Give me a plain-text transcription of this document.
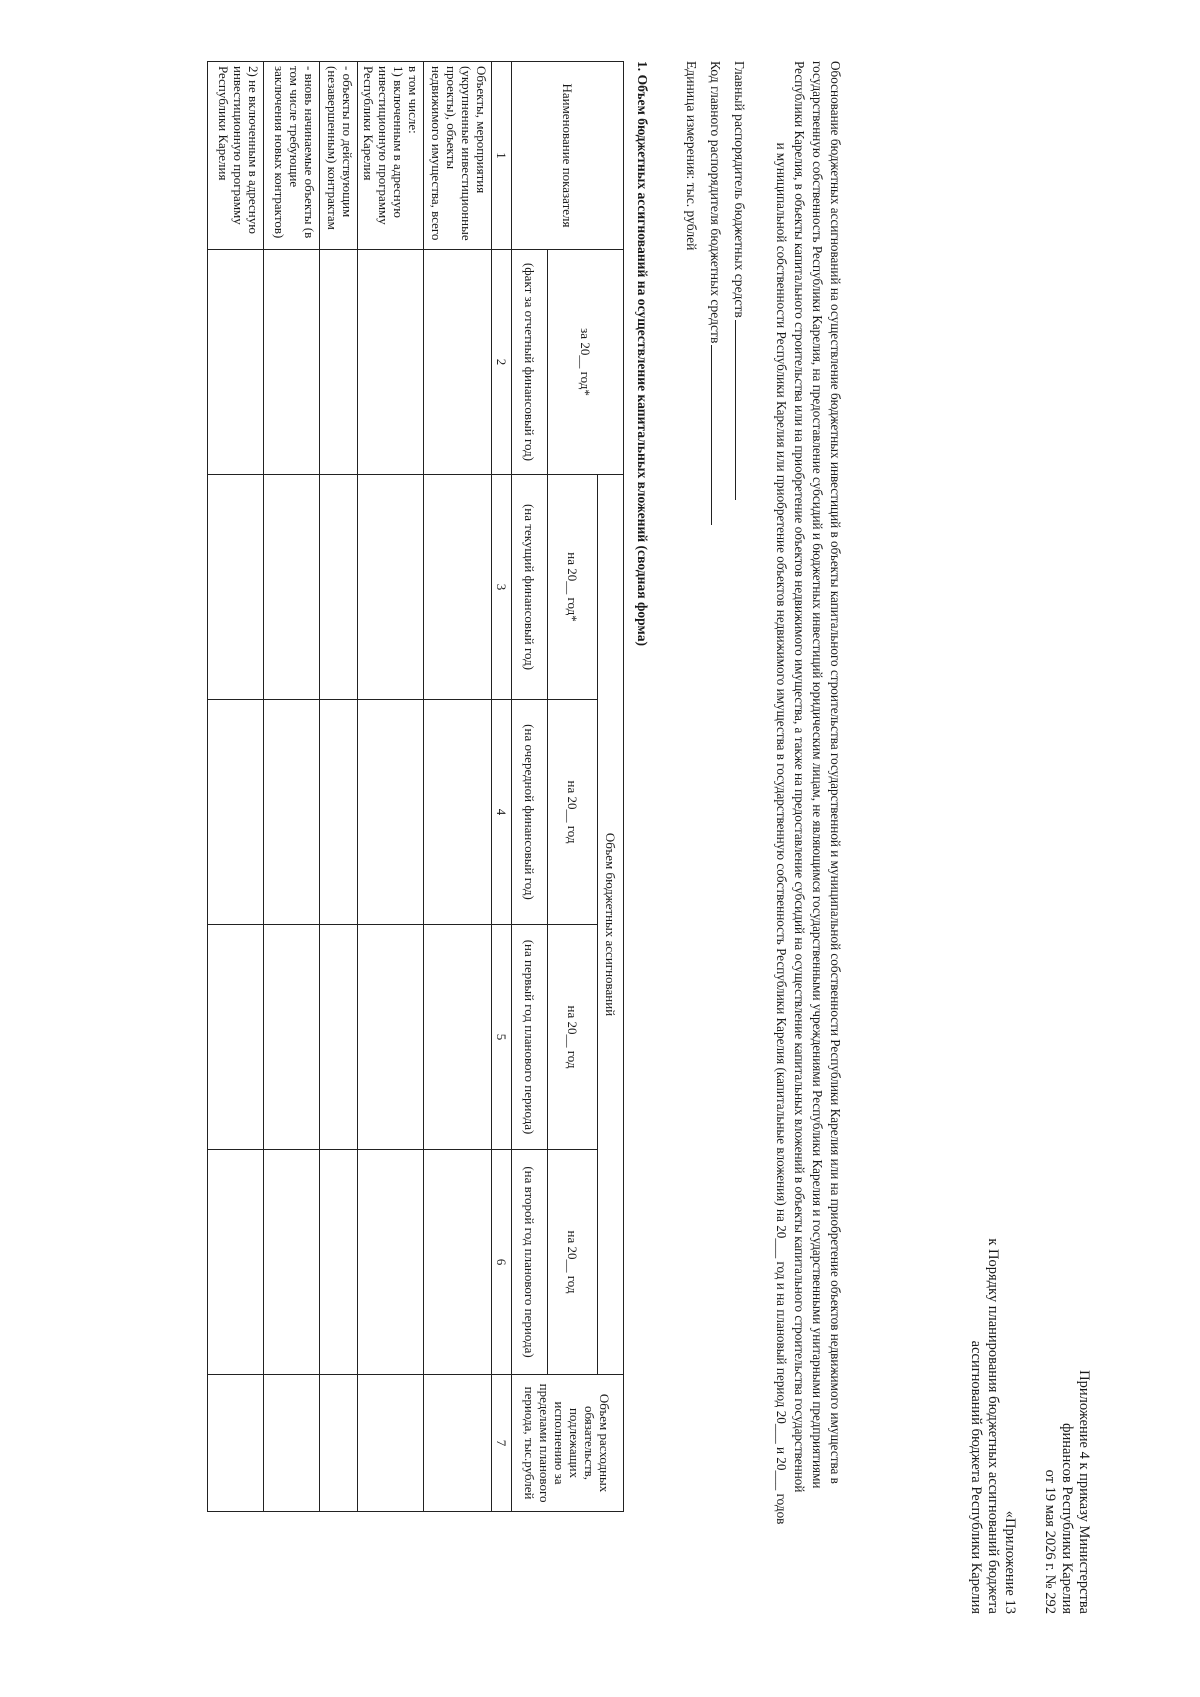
Приложение 4 к приказу Министерства
финансов Республики Карелия
от 19 мая 2026 г. № 292
«Приложение 13
к Порядку планирования бюджетных ассигнований бюджета
ассигнований бюджета Республики Карелия
Обоснование бюджетных ассигнований на осуществление бюджетных инвестиций в объекты капитального строительства государственной и муниципальной собственности Республики Карелия или на приобретение объектов недвижимого имущества в
государственную собственность Республики Карелия, на предоставление субсидий и бюджетных инвестиций юридическим лицам, не являющимся государственными учреждениями Республики Карелия и государственными унитарными предприятиями
Республики Карелия, в объекты капитального строительства или на приобретение объектов недвижимого имущества, а также на предоставление субсидий на осуществление капитальных вложений в объекты капитального строительства государственной
и муниципальной собственности Республики Карелия или приобретение объектов недвижимого имущества в государственную собственность Республики Карелия (капитальные вложения) на 20___ год и на плановый период 20___ и 20___ годов
Главный распорядитель бюджетных средств
Код главного распорядителя бюджетных средств
Единица измерения: тыс. рублей
1. Объем бюджетных ассигнований на осуществление капитальных вложений (сводная форма)
Наименование показателя	за 20__ год*	Объем бюджетных ассигнований				Объем расходных обязательств, подлежащих исполнению за пределами планового периода, тыс.рублей
		на 20__ год*	на 20__ год	на 20__ год	на 20__ год	
	(факт за отчетный финансовый год)	(на текущий финансовый год)	(на очередной финансовый год)	(на первый год планового периода)	(на второй год планового периода)	
1	2	3	4	5	6	7
Объекты, мероприятия (укрупненные инвестиционные проекты), объекты недвижимого имущества, всего						
в том числе:
1) включенным в адресную инвестиционную программу Республики Карелия						
- объекты по действующим (незавершенным) контрактам						
- вновь начинаемые объекты (в том числе требующие заключения новых контрактов)						
2) не включенным в адресную инвестиционную программу Республики Карелия						
